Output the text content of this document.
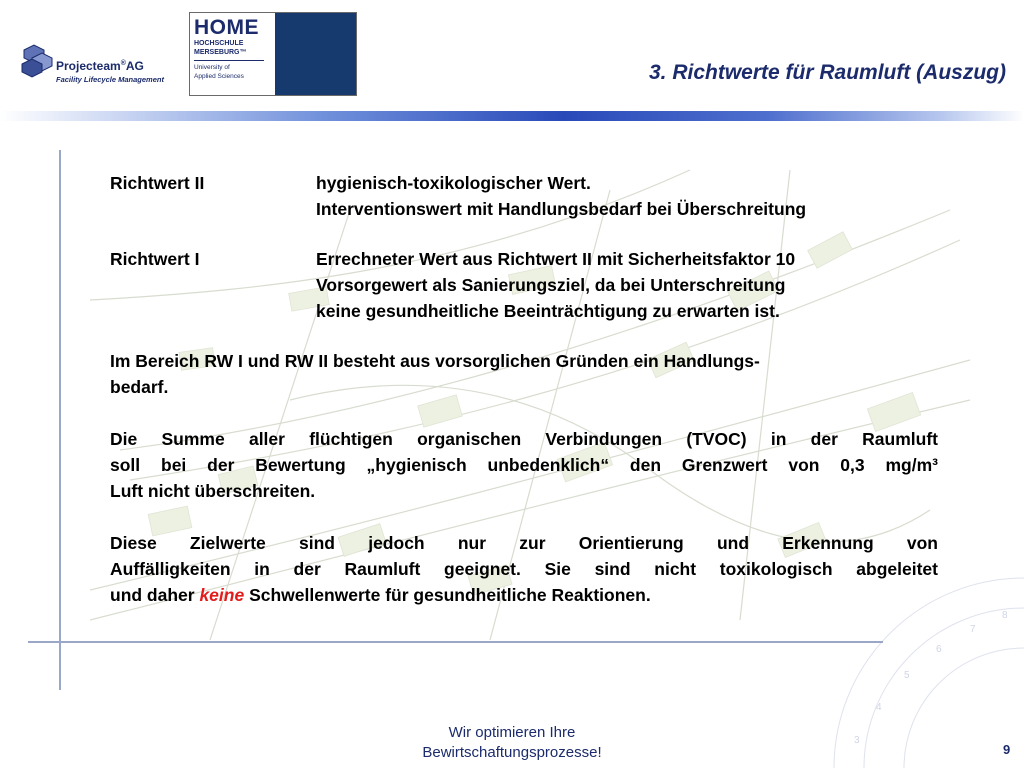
3
4
5
6
7
8
Projecteam®AG
Facility Lifecycle Management
HOME
HOCHSCHULE
MERSEBURG™
University of
Applied Sciences	3. Richtwerte für Raumluft (Auszug)
Richtwert II	hygienisch-toxikologischer Wert.
Interventionswert mit Handlungsbedarf bei Überschreitung
Richtwert I	Errechneter Wert aus Richtwert II mit Sicherheitsfaktor 10
Vorsorgewert als Sanierungsziel, da bei Unterschreitung
keine gesundheitliche Beeinträchtigung zu erwarten ist.
Im Bereich RW I und RW II besteht aus vorsorglichen Gründen ein Handlungs-
bedarf.
Die Summe aller flüchtigen organischen Verbindungen (TVOC) in der Raumluft
soll bei der Bewertung „hygienisch unbedenklich“ den Grenzwert von 0,3 mg/m³
Luft nicht überschreiten.
Diese Zielwerte sind jedoch nur zur Orientierung und Erkennung von
Auffälligkeiten in der Raumluft geeignet. Sie sind nicht toxikologisch abgeleitet
und daher keine Schwellenwerte für gesundheitliche Reaktionen.
Wir optimieren Ihre
Bewirtschaftungsprozesse!	9
